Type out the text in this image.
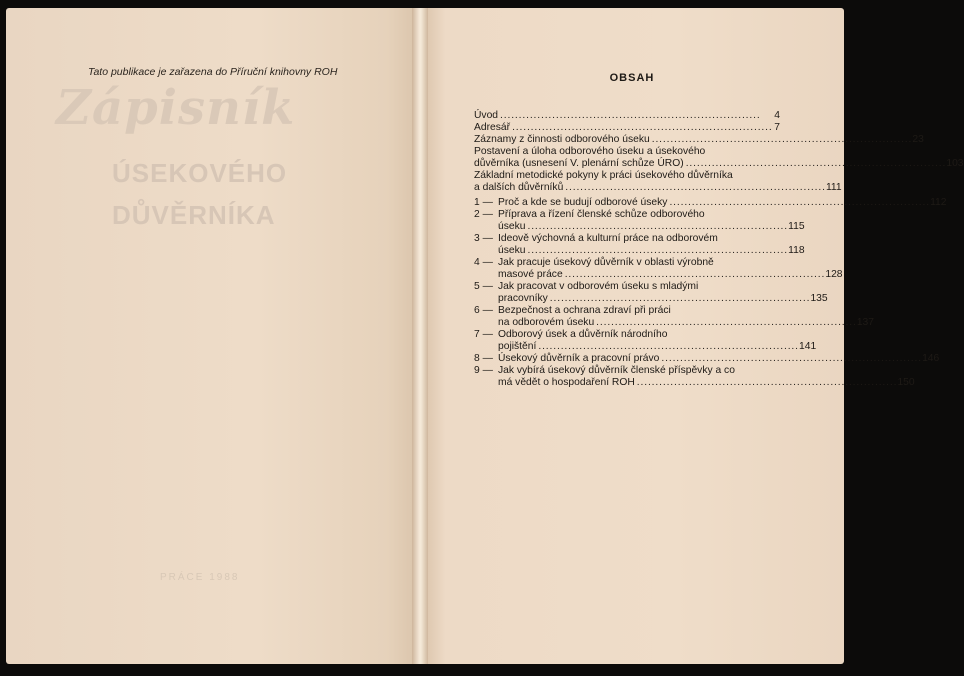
Tato publikace je zařazena do Příruční knihovny ROH
Zápisník
ÚSEKOVÉHO
DŮVĚRNÍKA
PRÁCE 1988
OBSAH
Úvod . . .	4
Adresář . . .	7
Záznamy z činnosti odborového úseku . . .	23
Postavení a úloha odborového úseku a úsekového
důvěrníka (usnesení V. plenární schůze ÚRO) . . .	103
Základní metodické pokyny k práci úsekového důvěrníka
a dalších důvěrníků . . .	111
1 — Proč a kde se budují odborové úseky . . .	112
2 — Příprava a řízení členské schůze odborového
úseku . . .	115
3 — Ideově výchovná a kulturní práce na odborovém
úseku . . .	118
4 — Jak pracuje úsekový důvěrník v oblasti výrobně
masové práce . . .	128
5 — Jak pracovat v odborovém úseku s mladými
pracovníky . . .	135
6 — Bezpečnost a ochrana zdraví při práci
na odborovém úseku . . .	137
7 — Odborový úsek a důvěrník národního
pojištění . . .	141
8 — Úsekový důvěrník a pracovní právo . . .	146
9 — Jak vybírá úsekový důvěrník členské příspěvky a co
má vědět o hospodaření ROH . . .	150
